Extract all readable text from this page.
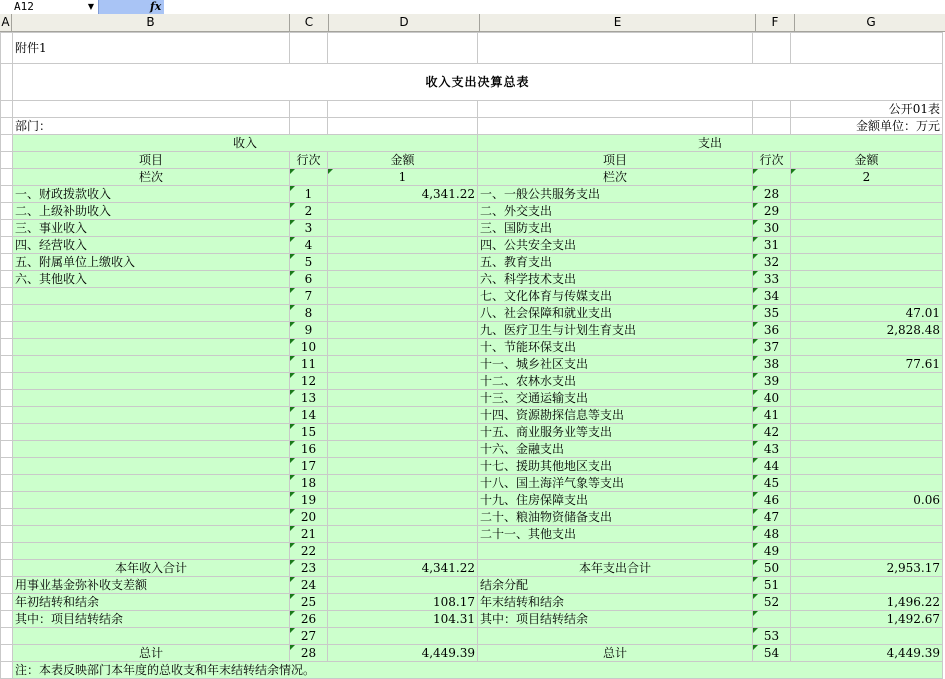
A12	▼	fx
A	B	C	D	E	F	G
	附件1					
	收入支出决算总表					
						公开01表
	部门：					金额单位：万元
	收入			支出		
	项目	行次	金额	项目	行次	金额
	栏次		1	栏次		2
	一、财政拨款收入	1	4,341.22	一、一般公共服务支出	28	
	二、上级补助收入	2		二、外交支出	29	
	三、事业收入	3		三、国防支出	30	
	四、经营收入	4		四、公共安全支出	31	
	五、附属单位上缴收入	5		五、教育支出	32	
	六、其他收入	6		六、科学技术支出	33	
		7		七、文化体育与传媒支出	34	
		8		八、社会保障和就业支出	35	47.01
		9		九、医疗卫生与计划生育支出	36	2,828.48
		10		十、节能环保支出	37	
		11		十一、城乡社区支出	38	77.61
		12		十二、农林水支出	39	
		13		十三、交通运输支出	40	
		14		十四、资源勘探信息等支出	41	
		15		十五、商业服务业等支出	42	
		16		十六、金融支出	43	
		17		十七、援助其他地区支出	44	
		18		十八、国土海洋气象等支出	45	
		19		十九、住房保障支出	46	0.06
		20		二十、粮油物资储备支出	47	
		21		二十一、其他支出	48	
		22			49	
	本年收入合计	23	4,341.22	本年支出合计	50	2,953.17
	用事业基金弥补收支差额	24		结余分配	51	
	年初结转和结余	25	108.17	年末结转和结余	52	1,496.22
	其中：项目结转结余	26	104.31	其中：项目结转结余		1,492.67
		27			53	
	总计	28	4,449.39	总计	54	4,449.39
	注：本表反映部门本年度的总收支和年末结转结余情况。					
